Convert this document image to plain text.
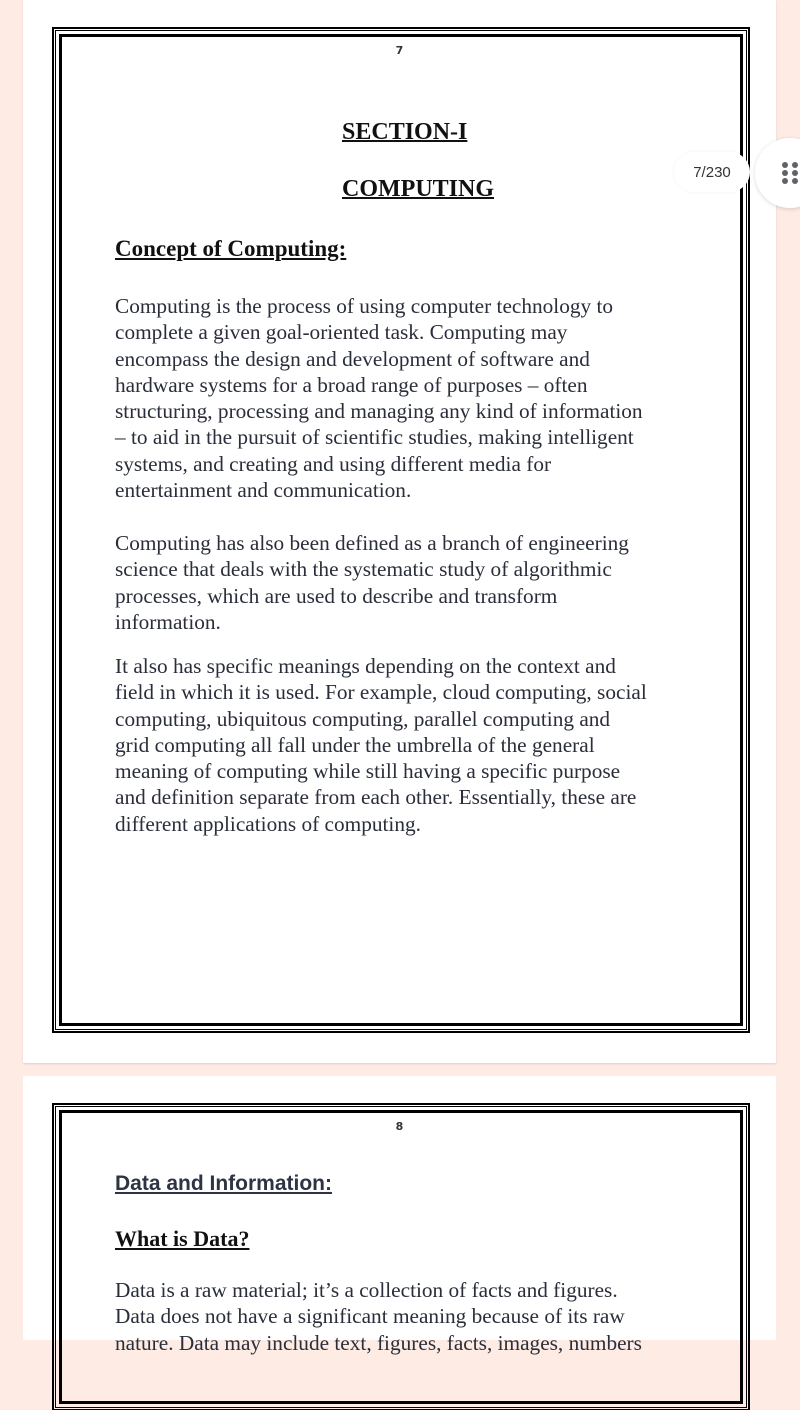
7
SECTION-I
COMPUTING
Concept of Computing:

Computing is the process of using computer technology to
complete a given goal-oriented task. Computing may
encompass the design and development of software and
hardware systems for a broad range of purposes – often
structuring, processing and managing any kind of information
– to aid in the pursuit of scientific studies, making intelligent
systems, and creating and using different media for
entertainment and communication.

Computing has also been defined as a branch of engineering
science that deals with the systematic study of algorithmic
processes, which are used to describe and transform
information.

It also has specific meanings depending on the context and
field in which it is used. For example, cloud computing, social
computing, ubiquitous computing, parallel computing and
grid computing all fall under the umbrella of the general
meaning of computing while still having a specific purpose
and definition separate from each other. Essentially, these are
different applications of computing.

8
Data and Information:
What is Data?

Data is a raw material; it’s a collection of facts and figures.
Data does not have a significant meaning because of its raw
nature. Data may include text, figures, facts, images, numbers

7/230
